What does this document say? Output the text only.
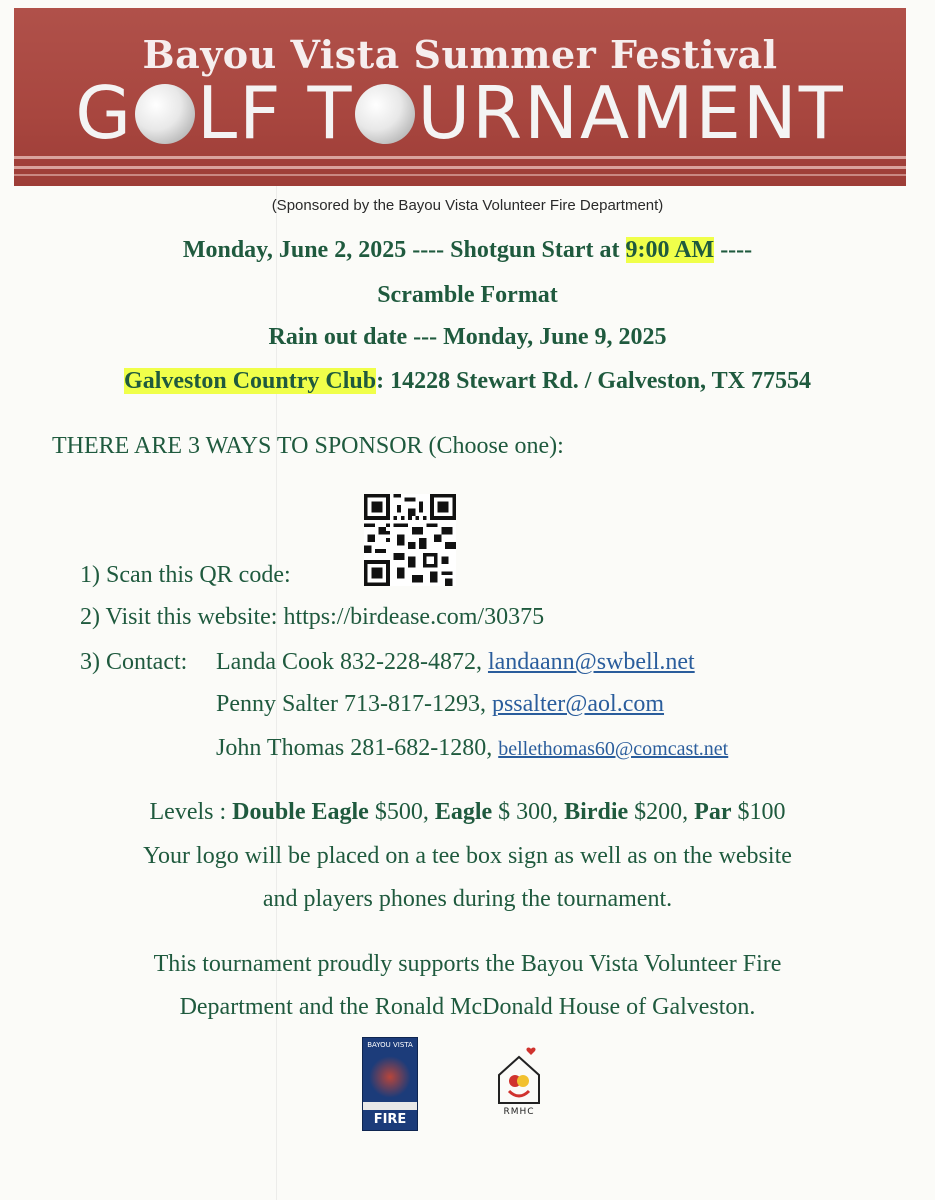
Bayou Vista Summer Festival
G LF T URNAMENT
(Sponsored by the Bayou Vista Volunteer Fire Department)
Monday, June 2, 2025 ---- Shotgun Start at 9:00 AM ----
Scramble Format
Rain out date --- Monday, June 9, 2025
Galveston Country Club: 14228 Stewart Rd. / Galveston, TX 77554
THERE ARE 3 WAYS TO SPONSOR (Choose one):
1) Scan this QR code:
2) Visit this website: https://birdease.com/30375
3) Contact: Landa Cook 832-228-4872, landaann@swbell.net
Penny Salter 713-817-1293, pssalter@aol.com
John Thomas 281-682-1280, bellethomas60@comcast.net
Levels : Double Eagle $500, Eagle $ 300, Birdie $200, Par $100
Your logo will be placed on a tee box sign as well as on the website
and players phones during the tournament.
This tournament proudly supports the Bayou Vista Volunteer Fire
Department and the Ronald McDonald House of Galveston.
BAYOU VISTA
FIRE	RMHC
